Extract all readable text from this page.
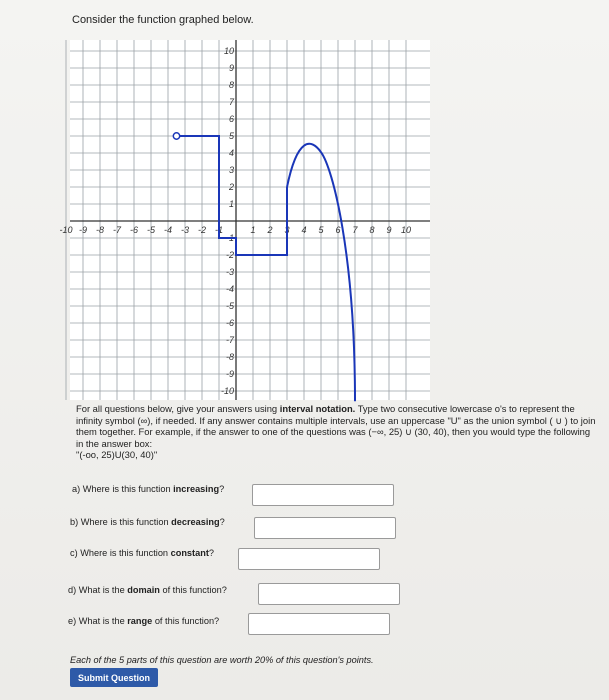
Consider the function graphed below.
-10 -9 -8 -7 -6 -5 -4 -3 -2 -1	1 2 3 4 5 6 7 8 9 10
10
9
8
7
6
5
4
3
2
1
-1
-2
-3
-4
-5
-6
-7
-8
-9
-10
For all questions below, give your answers using interval notation. Type two consecutive lowercase o's to represent the infinity symbol (∞), if needed. If any answer contains multiple intervals, use an uppercase "U" as the union symbol ( ∪ ) to join them together. For example, if the answer to one of the questions was (−∞, 25) ∪ (30, 40), then you would type the following in the answer box:
"(-oo, 25)U(30, 40)"
a) Where is this function increasing?
b) Where is this function decreasing?
c) Where is this function constant?
d) What is the domain of this function?
e) What is the range of this function?
Each of the 5 parts of this question are worth 20% of this question's points.
Submit Question
